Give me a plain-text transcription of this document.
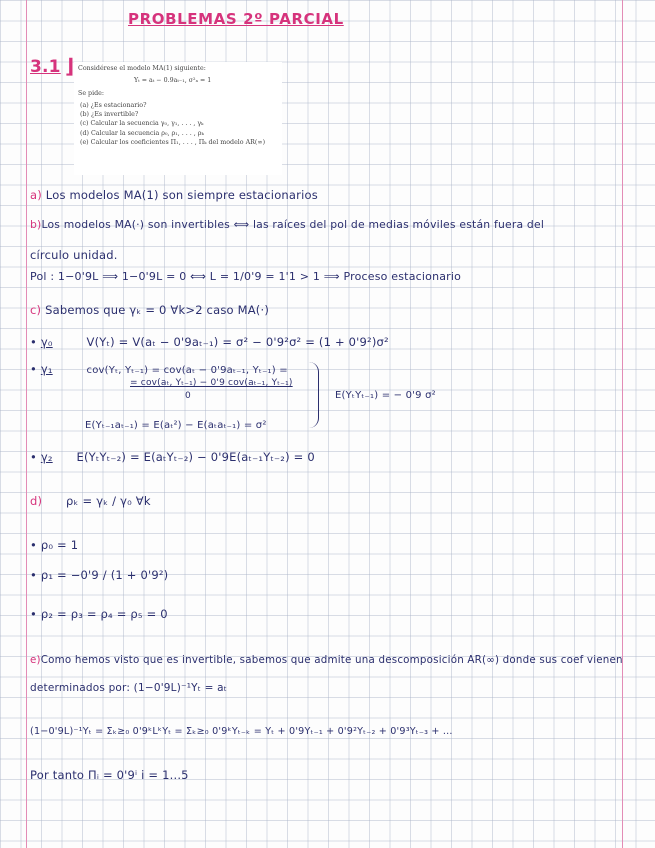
PROBLEMAS 2º PARCIAL
3.1 ⌋ Considérese el modelo MA(1) siguiente:
Yₜ = aₜ − 0.9aₜ₋₁, σ²ₐ = 1
Se pide:
(a) ¿Es estacionario?
(b) ¿Es invertible?
(c) Calcular la secuencia γ₀, γ₁, . . . , γₖ
(d) Calcular la secuencia ρ₀, ρ₁, . . . , ρₖ
(e) Calcular los coeficientes Π₁, . . . , Πₖ del modelo AR(∞)
a) Los modelos MA(1) son siempre estacionarios
b)Los modelos MA(·) son invertibles ⟺ las raíces del pol de medias móviles están fuera del
círculo unidad.
Pol : 1−0'9L ⟹ 1−0'9L = 0 ⟺ L = 1/0'9 = 1'1 > 1 ⟹ Proceso estacionario
c) Sabemos que γₖ = 0 ∀k>2 caso MA(·)
• γ₀	V(Yₜ) = V(aₜ − 0'9aₜ₋₁) = σ² − 0'9²σ² = (1 + 0'9²)σ²
• γ₁	cov(Yₜ, Yₜ₋₁) = cov(aₜ − 0'9aₜ₋₁, Yₜ₋₁) =
= cov(aₜ, Yₜ₋₁) − 0'9 cov(aₜ₋₁, Yₜ₋₁)
0	E(YₜYₜ₋₁) = − 0'9 σ²
E(Yₜ₋₁aₜ₋₁) = E(aₜ²) − E(aₜaₜ₋₁) = σ²
• γ₂ E(YₜYₜ₋₂) = E(aₜYₜ₋₂) − 0'9E(aₜ₋₁Yₜ₋₂) = 0
d) ρₖ = γₖ / γ₀ ∀k
• ρ₀ = 1
• ρ₁ = −0'9 / (1 + 0'9²)
• ρ₂ = ρ₃ = ρ₄ = ρ₅ = 0
e)Como hemos visto que es invertible, sabemos que admite una descomposición AR(∞) donde sus coef vienen
determinados por: (1−0'9L)⁻¹Yₜ = aₜ
(1−0'9L)⁻¹Yₜ = Σₖ≥₀ 0'9ᵏLᵏYₜ = Σₖ≥₀ 0'9ᵏYₜ₋ₖ = Yₜ + 0'9Yₜ₋₁ + 0'9²Yₜ₋₂ + 0'9³Yₜ₋₃ + ...
Por tanto Πᵢ = 0'9ⁱ i = 1...5
